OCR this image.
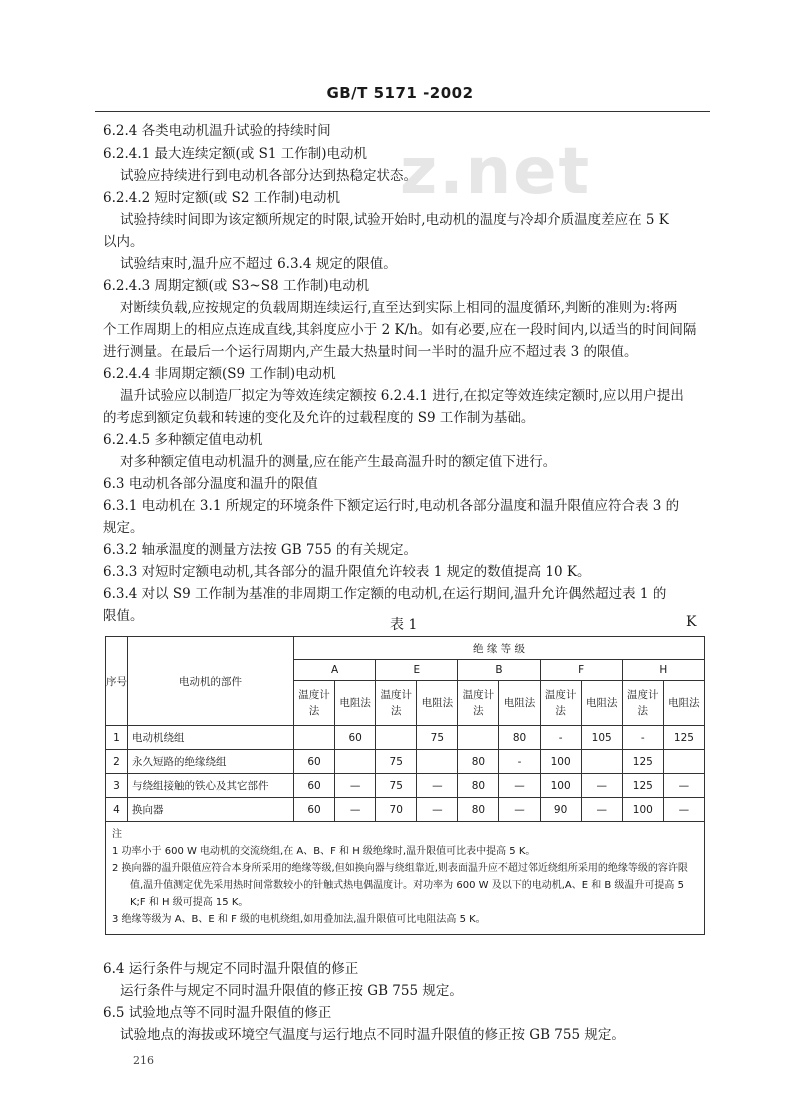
GB/T 5171 -2002
z.net
6.2.4 各类电动机温升试验的持续时间
6.2.4.1 最大连续定额(或 S1 工作制)电动机
试验应持续进行到电动机各部分达到热稳定状态。
6.2.4.2 短时定额(或 S2 工作制)电动机
试验持续时间即为该定额所规定的时限,试验开始时,电动机的温度与冷却介质温度差应在 5 K
以内。
试验结束时,温升应不超过 6.3.4 规定的限值。
6.2.4.3 周期定额(或 S3~S8 工作制)电动机
对断续负载,应按规定的负载周期连续运行,直至达到实际上相同的温度循环,判断的准则为:将两
个工作周期上的相应点连成直线,其斜度应小于 2 K/h。如有必要,应在一段时间内,以适当的时间间隔
进行测量。在最后一个运行周期内,产生最大热量时间一半时的温升应不超过表 3 的限值。
6.2.4.4 非周期定额(S9 工作制)电动机
温升试验应以制造厂拟定为等效连续定额按 6.2.4.1 进行,在拟定等效连续定额时,应以用户提出
的考虑到额定负载和转速的变化及允许的过载程度的 S9 工作制为基础。
6.2.4.5 多种额定值电动机
对多种额定值电动机温升的测量,应在能产生最高温升时的额定值下进行。
6.3 电动机各部分温度和温升的限值
6.3.1 电动机在 3.1 所规定的环境条件下额定运行时,电动机各部分温度和温升限值应符合表 3 的
规定。
6.3.2 轴承温度的测量方法按 GB 755 的有关规定。
6.3.3 对短时定额电动机,其各部分的温升限值允许较表 1 规定的数值提高 10 K。
6.3.4 对以 S9 工作制为基准的非周期工作定额的电动机,在运行期间,温升允许偶然超过表 1 的
限值。
表 1	K
序号	电动机的部件	绝 缘 等 级									
		A		E		B		F		H	
		温度计法	电阻法	温度计法	电阻法	温度计法	电阻法	温度计法	电阻法	温度计法	电阻法
1	电动机绕组		60		75		80	-	105	-	125
2	永久短路的绝缘绕组	60		75		80	-	100		125	
3	与绕组接触的铁心及其它部件	60	—	75	—	80	—	100	—	125	—
4	换向器	60	—	70	—	80	—	90	—	100	—

注
1 功率小于 600 W 电动机的交流绕组,在 A、B、F 和 H 级绝缘时,温升限值可比表中提高 5 K。
2 换向器的温升限值应符合本身所采用的绝缘等级,但如换向器与绕组靠近,则表面温升应不超过邻近绕组所采用的绝缘等级的容许限值,温升值测定优先采用热时间常数较小的针触式热电偶温度计。对功率为 600 W 及以下的电动机,A、E 和 B 级温升可提高 5 K;F 和 H 级可提高 15 K。
3 绝缘等级为 A、B、E 和 F 级的电机绕组,如用叠加法,温升限值可比电阻法高 5 K。											
6.4 运行条件与规定不同时温升限值的修正
运行条件与规定不同时温升限值的修正按 GB 755 规定。
6.5 试验地点等不同时温升限值的修正
试验地点的海拔或环境空气温度与运行地点不同时温升限值的修正按 GB 755 规定。
216
